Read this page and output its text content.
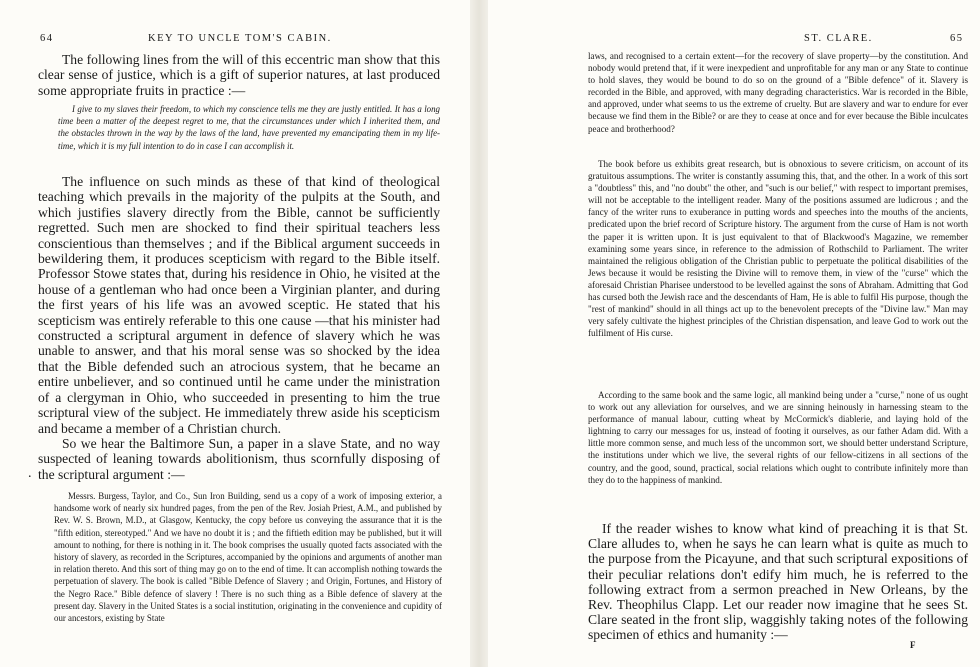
64	KEY TO UNCLE TOM'S CABIN.

The following lines from the will of this eccentric man show that this clear sense of justice, which is a gift of superior natures, at last produced some appropriate fruits in practice :—

I give to my slaves their freedom, to which my conscience tells me they are justly entitled. It has a long time been a matter of the deepest regret to me, that the circumstances under which I inherited them, and the obstacles thrown in the way by the laws of the land, have prevented my emancipating them in my life-time, which it is my full intention to do in case I can accomplish it.

The influence on such minds as these of that kind of theological teaching which prevails in the majority of the pulpits at the South, and which justifies slavery directly from the Bible, cannot be sufficiently regretted. Such men are shocked to find their spiritual teachers less conscientious than themselves ; and if the Biblical argument succeeds in bewildering them, it produces scepticism with regard to the Bible itself. Professor Stowe states that, during his residence in Ohio, he visited at the house of a gentleman who had once been a Virginian planter, and during the first years of his life was an avowed sceptic. He stated that his scepticism was entirely referable to this one cause —that his minister had constructed a scriptural argument in defence of slavery which he was unable to answer, and that his moral sense was so shocked by the idea that the Bible defended such an atrocious system, that he became an entire unbeliever, and so continued until he came under the ministration of a clergyman in Ohio, who succeeded in presenting to him the true scriptural view of the subject. He immediately threw aside his scepticism and became a member of a Christian church.

.

So we hear the Baltimore Sun, a paper in a slave State, and no way suspected of leaning towards abolitionism, thus scornfully disposing of the scriptural argument :—

Messrs. Burgess, Taylor, and Co., Sun Iron Building, send us a copy of a work of imposing exterior, a handsome work of nearly six hundred pages, from the pen of the Rev. Josiah Priest, A.M., and published by Rev. W. S. Brown, M.D., at Glasgow, Kentucky, the copy before us conveying the assurance that it is the "fifth edition, stereotyped." And we have no doubt it is ; and the fiftieth edition may be published, but it will amount to nothing, for there is nothing in it. The book comprises the usually quoted facts associated with the history of slavery, as recorded in the Scriptures, accompanied by the opinions and arguments of another man in relation thereto. And this sort of thing may go on to the end of time. It can accomplish nothing towards the perpetuation of slavery. The book is called "Bible Defence of Slavery ; and Origin, Fortunes, and History of the Negro Race." Bible defence of slavery ! There is no such thing as a Bible defence of slavery at the present day. Slavery in the United States is a social institution, originating in the convenience and cupidity of our ancestors, existing by State

ST. CLARE.	65

laws, and recognised to a certain extent—for the recovery of slave property—by the constitution. And nobody would pretend that, if it were inexpedient and unprofitable for any man or any State to continue to hold slaves, they would be bound to do so on the ground of a "Bible defence" of it. Slavery is recorded in the Bible, and approved, with many degrading characteristics. War is recorded in the Bible, and approved, under what seems to us the extreme of cruelty. But are slavery and war to endure for ever because we find them in the Bible? or are they to cease at once and for ever because the Bible inculcates peace and brotherhood?

The book before us exhibits great research, but is obnoxious to severe criticism, on account of its gratuitous assumptions. The writer is constantly assuming this, that, and the other. In a work of this sort a "doubtless" this, and "no doubt" the other, and "such is our belief," with respect to important premises, will not be acceptable to the intelligent reader. Many of the positions assumed are ludicrous ; and the fancy of the writer runs to exuberance in putting words and speeches into the mouths of the ancients, predicated upon the brief record of Scripture history. The argument from the curse of Ham is not worth the paper it is written upon. It is just equivalent to that of Blackwood's Magazine, we remember examining some years since, in reference to the admission of Rothschild to Parliament. The writer maintained the religious obligation of the Christian public to perpetuate the political disabilities of the Jews because it would be resisting the Divine will to remove them, in view of the "curse" which the aforesaid Christian Pharisee understood to be levelled against the sons of Abraham. Admitting that God has cursed both the Jewish race and the descendants of Ham, He is able to fulfil His purpose, though the "rest of mankind" should in all things act up to the benevolent precepts of the "Divine law." Man may very safely cultivate the highest principles of the Christian dispensation, and leave God to work out the fulfilment of His curse.

According to the same book and the same logic, all mankind being under a "curse," none of us ought to work out any alleviation for ourselves, and we are sinning heinously in harnessing steam to the performance of manual labour, cutting wheat by McCormick's diablerie, and laying hold of the lightning to carry our messages for us, instead of footing it ourselves, as our father Adam did. With a little more common sense, and much less of the uncommon sort, we should better understand Scripture, the institutions under which we live, the several rights of our fellow-citizens in all sections of the country, and the good, sound, practical, social relations which ought to contribute infinitely more than they do to the happiness of mankind.

If the reader wishes to know what kind of preaching it is that St. Clare alludes to, when he says he can learn what is quite as much to the purpose from the Picayune, and that such scriptural expositions of their peculiar relations don't edify him much, he is referred to the following extract from a sermon preached in New Orleans, by the Rev. Theophilus Clapp. Let our reader now imagine that he sees St. Clare seated in the front slip, waggishly taking notes of the following specimen of ethics and humanity :—

F
